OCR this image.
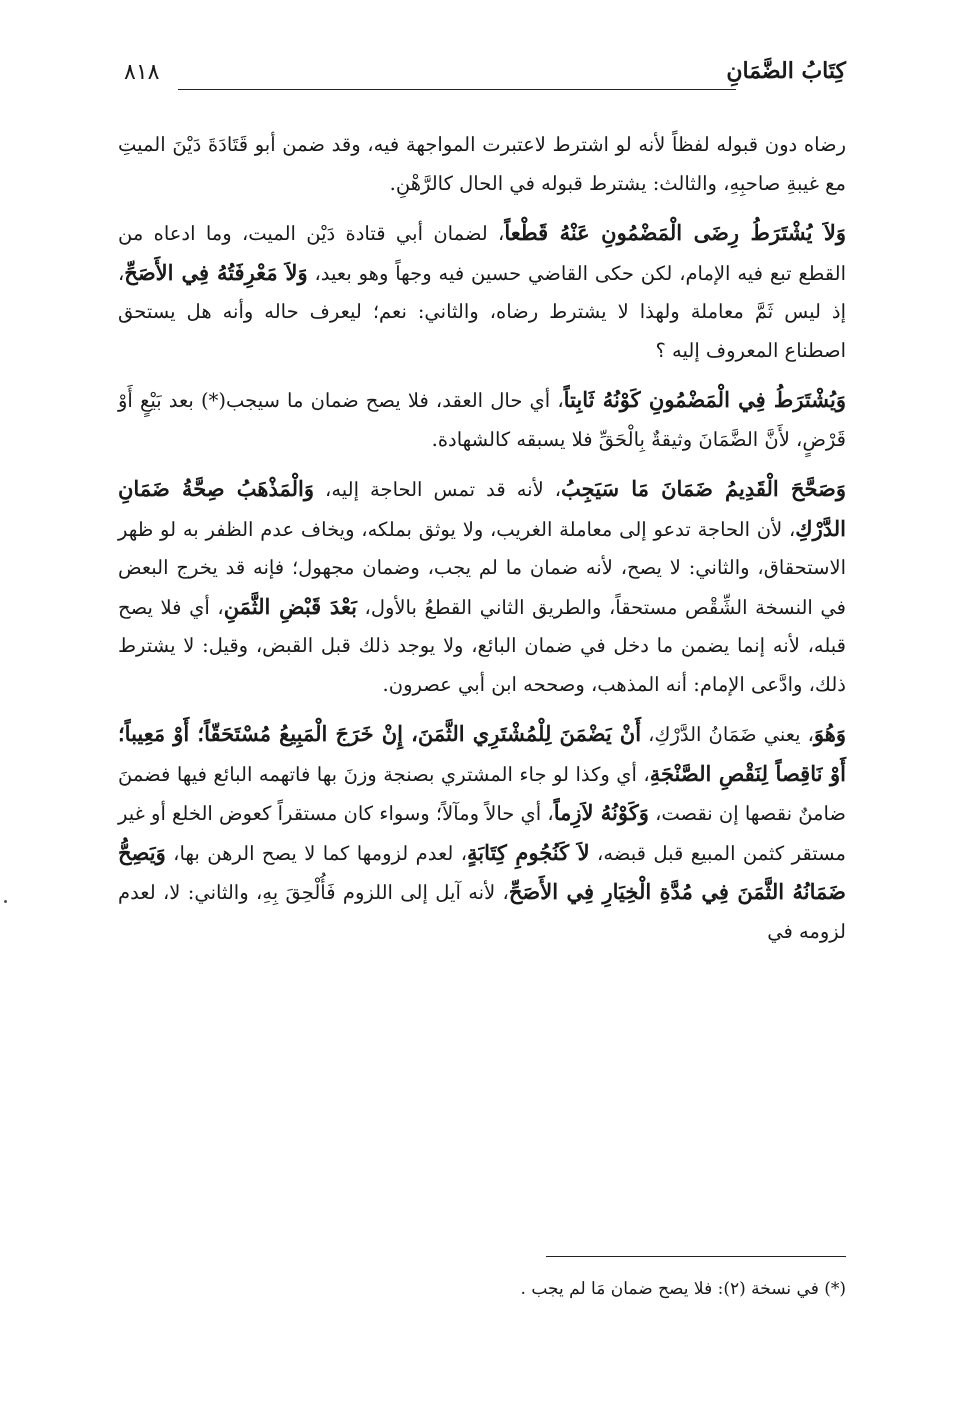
كِتَابُ الضَّمَانِ
٨١٨

رضاه دون قبوله لفظاً لأنه لو اشترط لاعتبرت المواجهة فيه، وقد ضمن أبو قَتَادَةَ دَيْنَ الميتِ مع غيبةِ صاحبِهِ، والثالث: يشترط قبوله في الحال كالرَّهْنِ.

وَلاَ يُشْتَرَطُ رِضَى الْمَضْمُونِ عَنْهُ قَطْعاً، لضمان أبي قتادة دَيْن الميت، وما ادعاه من القطع تبع فيه الإمام، لكن حكى القاضي حسين فيه وجهاً وهو بعيد، وَلاَ مَعْرِفَتُهُ فِي الأَصَحِّ، إذ ليس ثَمَّ معاملة ولهذا لا يشترط رضاه، والثاني: نعم؛ ليعرف حاله وأنه هل يستحق اصطناع المعروف إليه ؟

وَيُشْتَرَطُ فِي الْمَضْمُونِ كَوْنُهُ ثَابِتاً، أي حال العقد، فلا يصح ضمان ما سيجب(*) بعد بَيْعٍ أَوْ قَرْضٍ، لأَنَّ الضَّمَانَ وثيقةٌ بِالْحَقِّ فلا يسبقه كالشهادة.

وَصَحَّحَ الْقَدِيمُ ضَمَانَ مَا سَيَجِبُ، لأنه قد تمس الحاجة إليه، وَالْمَذْهَبُ صِحَّةُ ضَمَانِ الدَّرْكِ، لأن الحاجة تدعو إلى معاملة الغريب، ولا يوثق بملكه، ويخاف عدم الظفر به لو ظهر الاستحقاق، والثاني: لا يصح، لأنه ضمان ما لم يجب، وضمان مجهول؛ فإنه قد يخرج البعض في النسخة الشِّقْص مستحقاً، والطريق الثاني القطعُ بالأول، بَعْدَ قَبْضِ الثَّمَنِ، أي فلا يصح قبله، لأنه إنما يضمن ما دخل في ضمان البائع، ولا يوجد ذلك قبل القبض، وقيل: لا يشترط ذلك، وادَّعى الإمام: أنه المذهب، وصححه ابن أبي عصرون.

وَهُوَ، يعني ضَمَانُ الدَّرْكِ، أَنْ يَضْمَنَ لِلْمُشْتَرِي الثَّمَنَ، إِنْ خَرَجَ الْمَبِيعُ مُسْتَحَقّاً؛ أَوْ مَعِيباً؛ أَوْ نَاقِصاً لِنَقْصِ الصَّنْجَةِ، أي وكذا لو جاء المشتري بصنجة وزنَ بها فاتهمه البائع فيها فضمنَ ضامنٌ نقصها إن نقصت، وَكَوْنُهُ لاَزِماً، أي حالاً ومآلاً؛ وسواء كان مستقراً كعوض الخلع أو غير مستقر كثمن المبيع قبل قبضه، لاَ كَنُجُومِ كِتَابَةٍ، لعدم لزومها كما لا يصح الرهن بها، وَيَصِحُّ ضَمَانُهُ الثَّمَنَ فِي مُدَّةِ الْخِيَارِ فِي الأَصَحِّ، لأنه آيل إلى اللزوم فَأُلْحِقَ بِهِ، والثاني: لا، لعدم لزومه في

(*) في نسخة (٢): فلا يصح ضمان مَا لم يجب .
